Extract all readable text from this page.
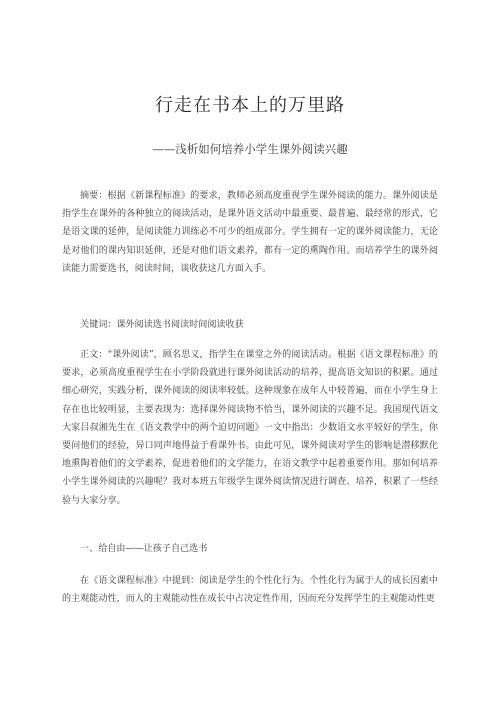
行走在书本上的万里路
——浅析如何培养小学生课外阅读兴趣
摘要：根据《新课程标准》的要求，教师必须高度重视学生课外阅读的能力。课外阅读是指学生在课外的各种独立的阅读活动，是课外语文活动中最重要、最普遍、最经常的形式，它是语文课的延伸，是阅读能力训练必不可少的组成部分。学生拥有一定的课外阅读能力，无论是对他们的课内知识延伸，还是对他们语文素养，都有一定的熏陶作用。而培养学生的课外阅读能力需要选书，阅读时间，谈收获这几方面入手。
关键词：课外阅读选书阅读时间阅读收获
正文：“课外阅读”，顾名思义，指学生在课堂之外的阅读活动。根据《语文课程标准》的要求，必须高度重视学生在小学阶段就进行课外阅读活动的培养，提高语文知识的积累。通过细心研究，实践分析，课外阅读的阅读率较低。这种现象在成年人中较普遍，而在小学生身上存在也比较明显，主要表现为：选择课外阅读物不恰当，课外阅读的兴趣不足。我国现代语文大家吕叔湘先生在《语文教学中的两个迫切问题》一文中指出：少数语文水平较好的学生，你要问他们的经验，异口同声地得益于看课外书。由此可见，课外阅读对学生的影响是潜移默化地熏陶着他们的文学素养，促进着他们的文学能力，在语文教学中起着重要作用。那如何培养小学生课外阅读的兴趣呢？我对本班五年级学生课外阅读情况进行调查、培养，积累了一些经验与大家分享。
一、给自由——让孩子自己选书
在《语文课程标准》中提到：阅读是学生的个性化行为。个性化行为属于人的成长因素中的主观能动性，而人的主观能动性在成长中占决定性作用，因而充分发挥学生的主观能动性更
